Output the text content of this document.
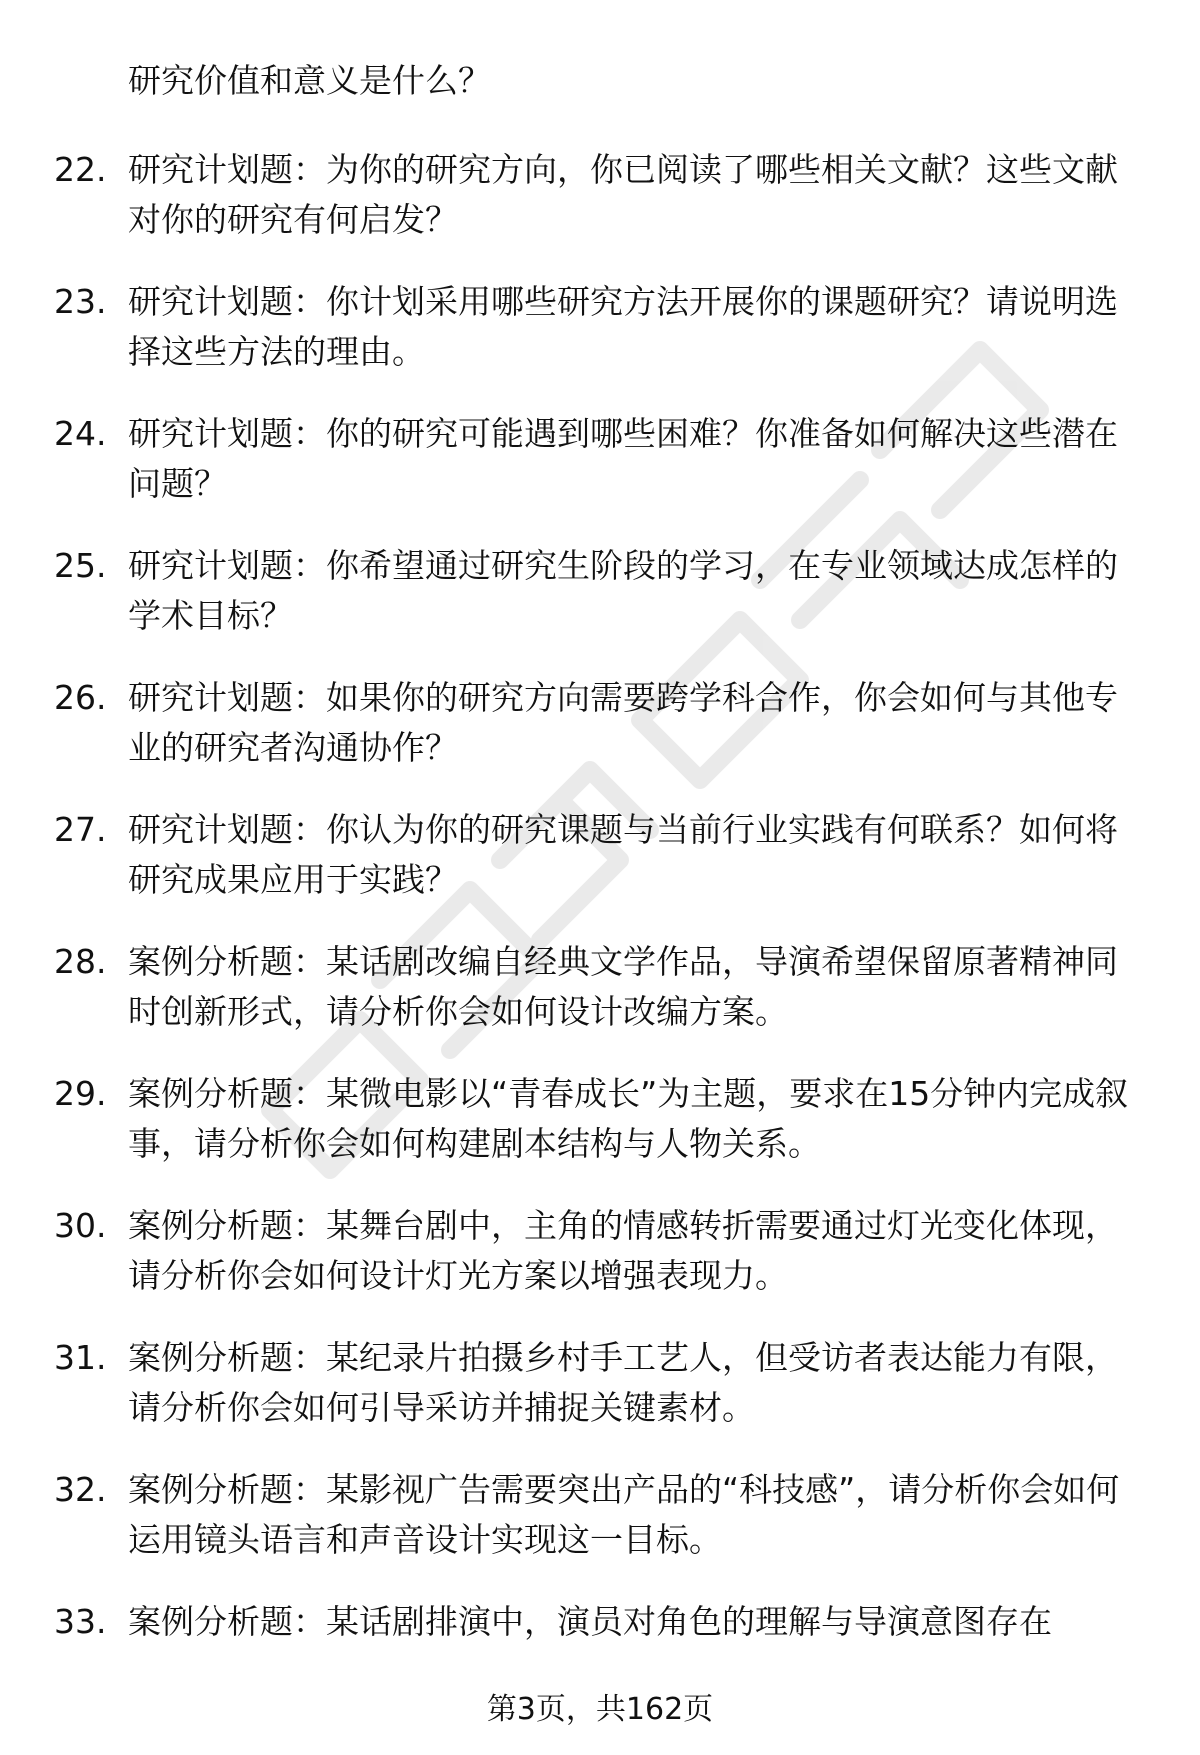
研究价值和意义是什么？

22. 研究计划题：为你的研究方向，你已阅读了哪些相关文献？这些文献对你的研究有何启发？
23. 研究计划题：你计划采用哪些研究方法开展你的课题研究？请说明选择这些方法的理由。
24. 研究计划题：你的研究可能遇到哪些困难？你准备如何解决这些潜在问题？
25. 研究计划题：你希望通过研究生阶段的学习，在专业领域达成怎样的学术目标？
26. 研究计划题：如果你的研究方向需要跨学科合作，你会如何与其他专业的研究者沟通协作？
27. 研究计划题：你认为你的研究课题与当前行业实践有何联系？如何将研究成果应用于实践？
28. 案例分析题：某话剧改编自经典文学作品，导演希望保留原著精神同时创新形式，请分析你会如何设计改编方案。
29. 案例分析题：某微电影以“青春成长”为主题，要求在15分钟内完成叙事，请分析你会如何构建剧本结构与人物关系。
30. 案例分析题：某舞台剧中，主角的情感转折需要通过灯光变化体现，请分析你会如何设计灯光方案以增强表现力。
31. 案例分析题：某纪录片拍摄乡村手工艺人，但受访者表达能力有限，请分析你会如何引导采访并捕捉关键素材。
32. 案例分析题：某影视广告需要突出产品的“科技感”，请分析你会如何运用镜头语言和声音设计实现这一目标。
33. 案例分析题：某话剧排演中，演员对角色的理解与导演意图存在
第3页，共162页
